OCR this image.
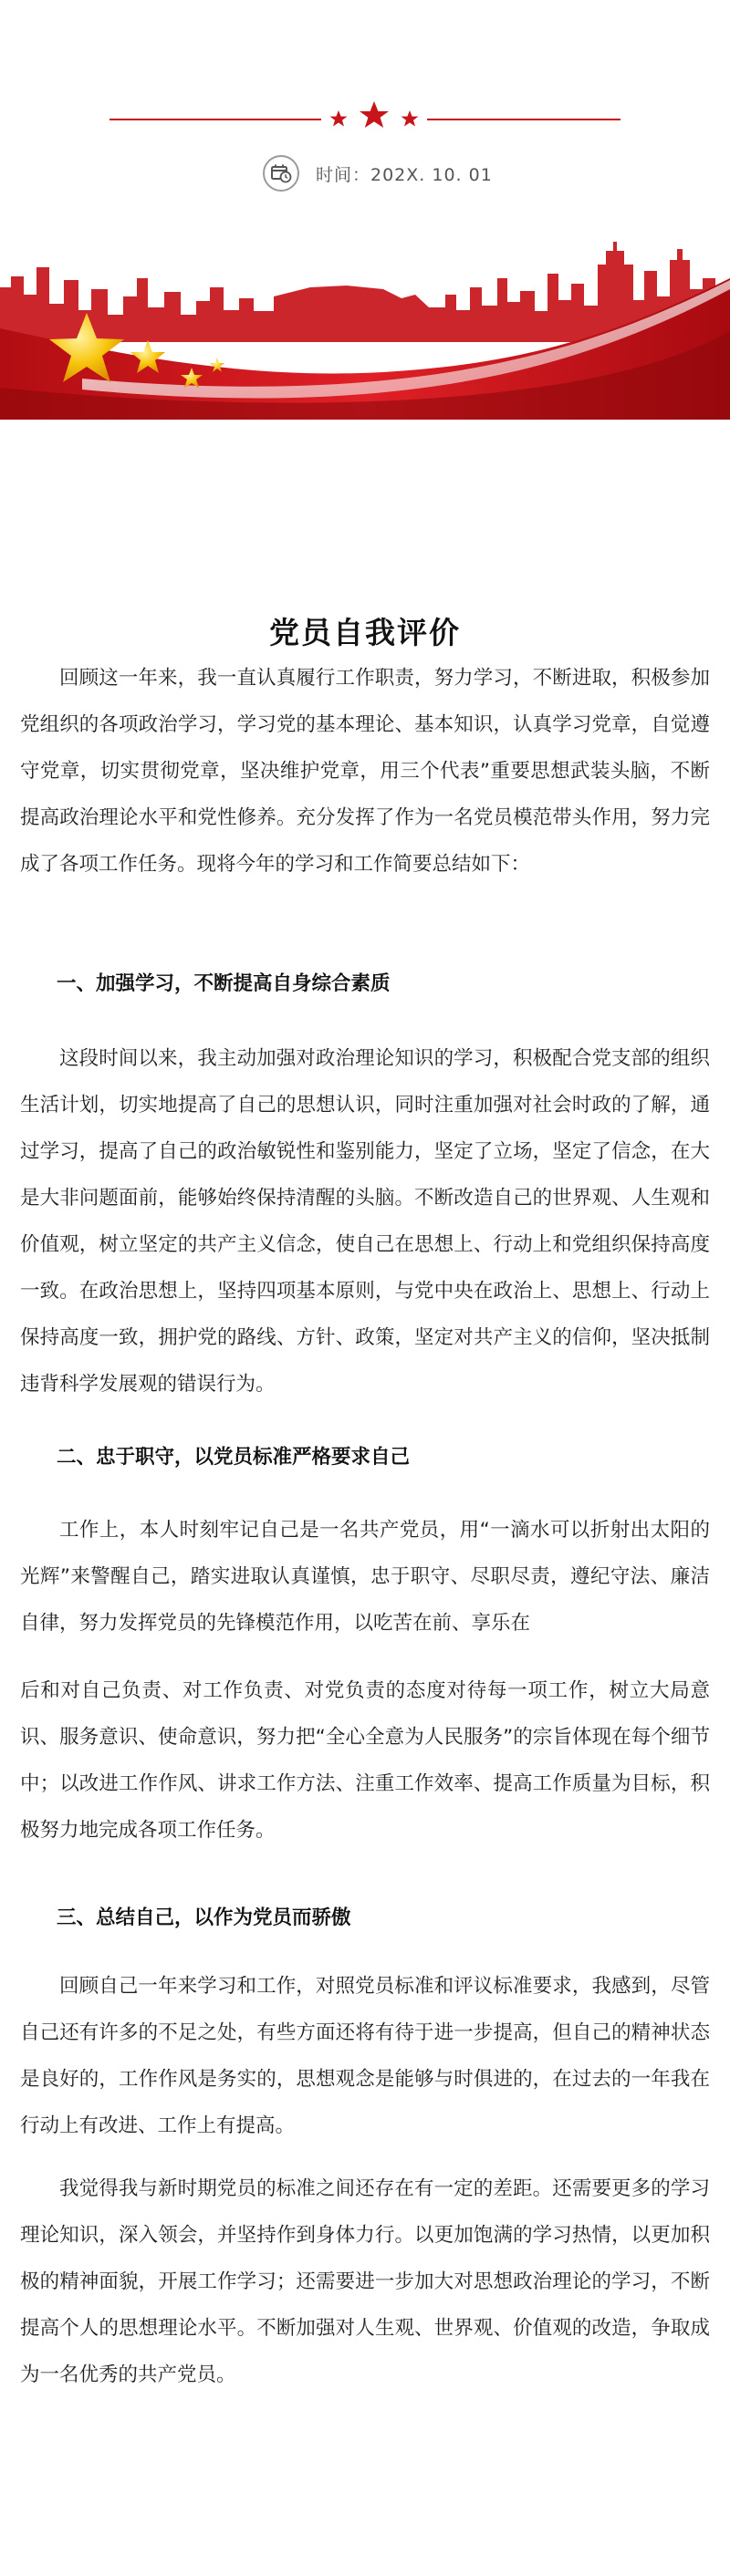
时间：202X. 10. 01
党员自我评价

回顾这一年来，我一直认真履行工作职责，努力学习，不断进取，积极参加党组织的各项政治学习，学习党的基本理论、基本知识，认真学习党章，自觉遵守党章，切实贯彻党章，坚决维护党章，用三个代表”重要思想武装头脑，不断提高政治理论水平和党性修养。充分发挥了作为一名党员模范带头作用，努力完成了各项工作任务。现将今年的学习和工作简要总结如下：

一、加强学习，不断提高自身综合素质

这段时间以来，我主动加强对政治理论知识的学习，积极配合党支部的组织生活计划，切实地提高了自己的思想认识，同时注重加强对社会时政的了解，通过学习，提高了自己的政治敏锐性和鉴别能力，坚定了立场，坚定了信念，在大是大非问题面前，能够始终保持清醒的头脑。不断改造自己的世界观、人生观和价值观，树立坚定的共产主义信念，使自己在思想上、行动上和党组织保持高度一致。在政治思想上，坚持四项基本原则，与党中央在政治上、思想上、行动上保持高度一致，拥护党的路线、方针、政策，坚定对共产主义的信仰，坚决抵制违背科学发展观的错误行为。

二、忠于职守，以党员标准严格要求自己

工作上，本人时刻牢记自己是一名共产党员，用“一滴水可以折射出太阳的光辉”来警醒自己，踏实进取认真谨慎，忠于职守、尽职尽责，遵纪守法、廉洁自律，努力发挥党员的先锋模范作用，以吃苦在前、享乐在

后和对自己负责、对工作负责、对党负责的态度对待每一项工作，树立大局意识、服务意识、使命意识，努力把“全心全意为人民服务”的宗旨体现在每个细节中；以改进工作作风、讲求工作方法、注重工作效率、提高工作质量为目标，积极努力地完成各项工作任务。

三、总结自己，以作为党员而骄傲

回顾自己一年来学习和工作，对照党员标准和评议标准要求，我感到，尽管自己还有许多的不足之处，有些方面还将有待于进一步提高，但自己的精神状态是良好的，工作作风是务实的，思想观念是能够与时俱进的，在过去的一年我在行动上有改进、工作上有提高。

我觉得我与新时期党员的标准之间还存在有一定的差距。还需要更多的学习理论知识，深入领会，并坚持作到身体力行。以更加饱满的学习热情，以更加积极的精神面貌，开展工作学习；还需要进一步加大对思想政治理论的学习，不断提高个人的思想理论水平。不断加强对人生观、世界观、价值观的改造，争取成为一名优秀的共产党员。
